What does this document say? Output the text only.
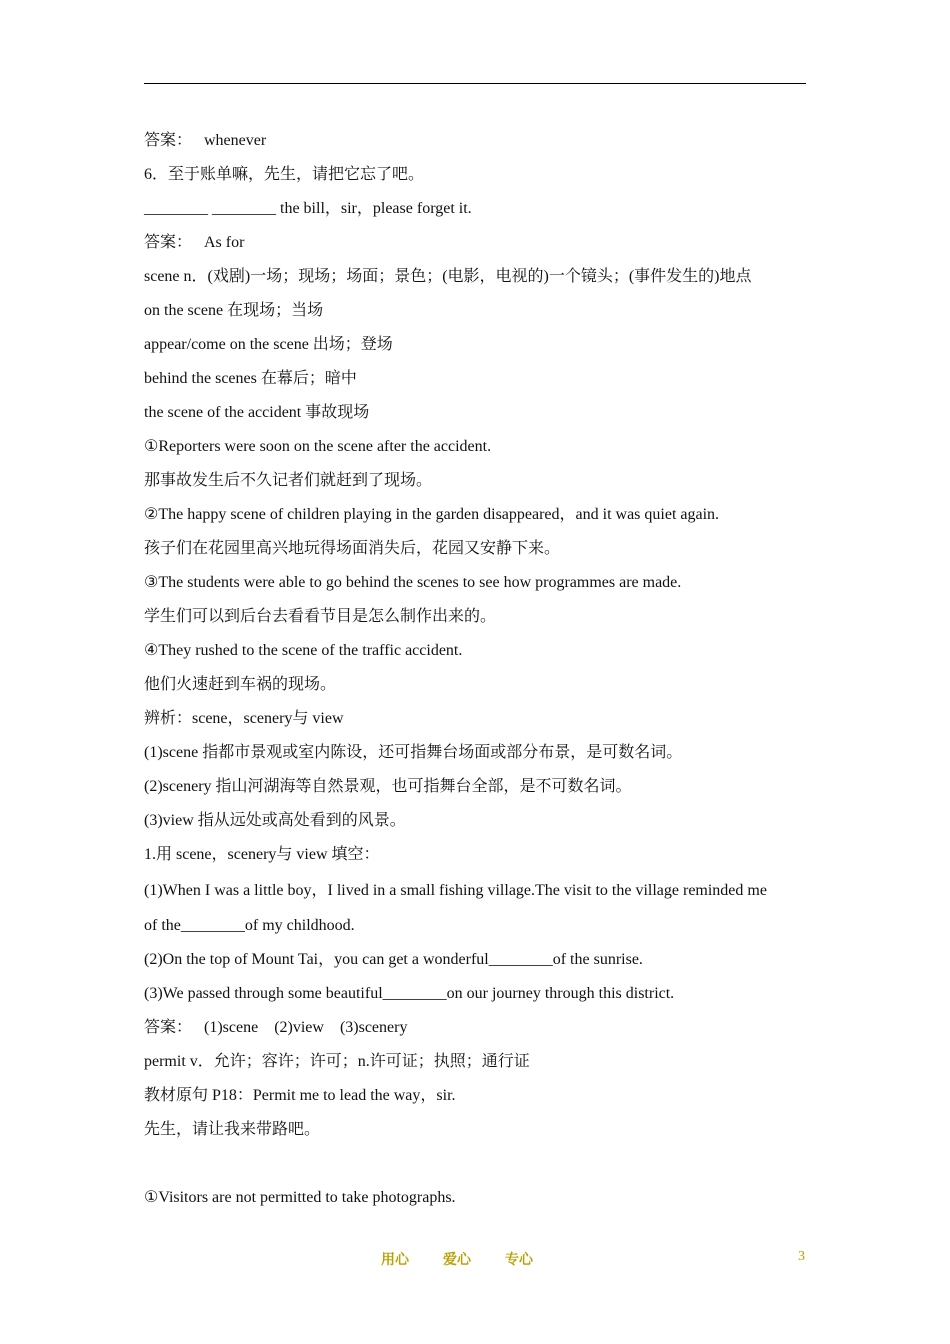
答案：   whenever
6．至于账单嘛，先生，请把它忘了吧。
________ ________ the bill，sir，please forget it.
答案：   As for
scene n．(戏剧)一场；现场；场面；景色；(电影，电视的)一个镜头；(事件发生的)地点
on the scene 在现场；当场
appear/come on the scene 出场；登场
behind the scenes 在幕后；暗中
the scene of the accident 事故现场
①Reporters were soon on the scene after the accident.
那事故发生后不久记者们就赶到了现场。
②The happy scene of children playing in the garden disappeared，and it was quiet again.
孩子们在花园里高兴地玩得场面消失后，花园又安静下来。
③The students were able to go behind the scenes to see how programmes are made.
学生们可以到后台去看看节目是怎么制作出来的。
④They rushed to the scene of the traffic accident.
他们火速赶到车祸的现场。
辨析：scene，scenery与 view
(1)scene 指都市景观或室内陈设，还可指舞台场面或部分布景，是可数名词。
(2)scenery 指山河湖海等自然景观，也可指舞台全部，是不可数名词。
(3)view 指从远处或高处看到的风景。
1.用 scene，scenery与 view 填空：
(1)When I was a little boy，I lived in a small fishing village.The visit to the village reminded me
of the________of my childhood.
(2)On the top of Mount Tai，you can get a wonderful________of the sunrise.
(3)We passed through some beautiful________on our journey through this district.
答案：   (1)scene    (2)view    (3)scenery
permit v．允许；容许；许可；n.许可证；执照；通行证
教材原句 P18：Permit me to lead the way，sir.
先生，请让我来带路吧。
①Visitors are not permitted to take photographs.
用心 爱心 专心	3
